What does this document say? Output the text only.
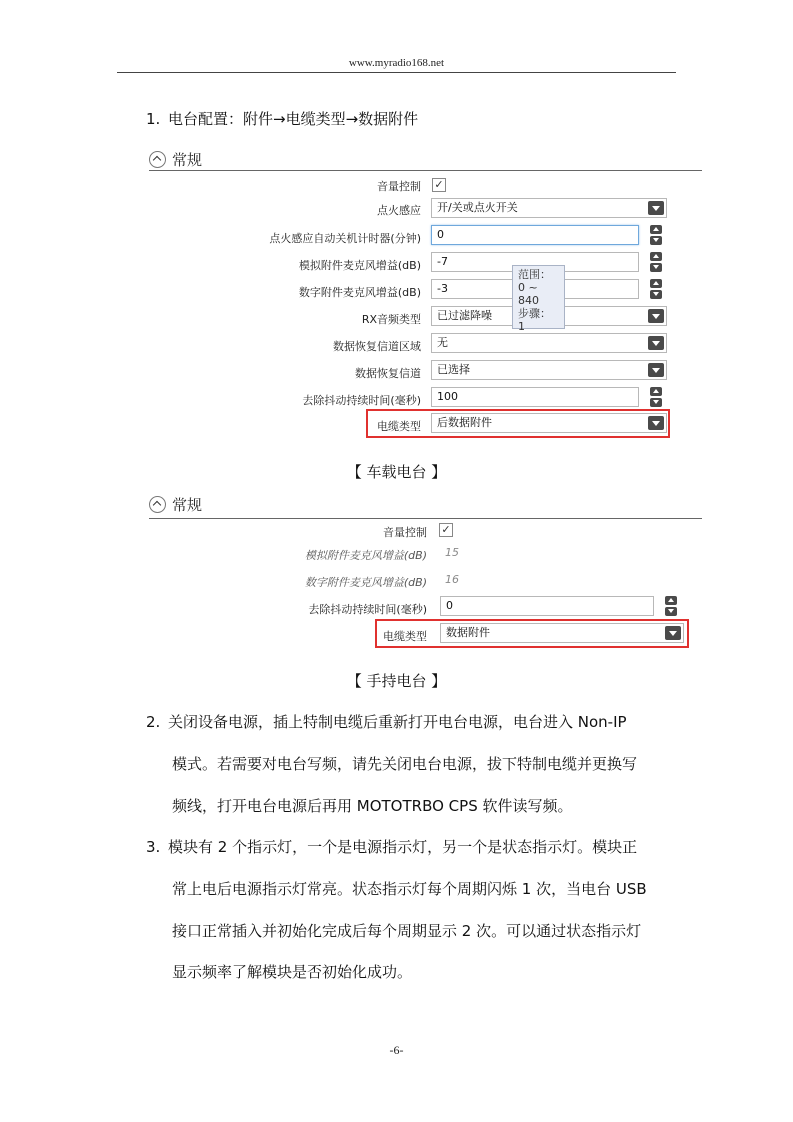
www.myradio168.net
1. 电台配置：附件→电缆类型→数据附件
常规
音量控制 ✓
点火感应	开/关或点火开关
点火感应自动关机计时器(分钟)	0
模拟附件麦克风增益(dB)	-7
数字附件麦克风增益(dB)	-3
RX音频类型	已过滤降噪
数据恢复信道区域	无
数据恢复信道	已选择
去除抖动持续时间(毫秒)	100
电缆类型	后数据附件
范围：
0 ~ 840
步骤：
1
【 车载电台 】
常规
音量控制 ✓
模拟附件麦克风增益(dB) 15
数字附件麦克风增益(dB) 16
去除抖动持续时间(毫秒)	0
电缆类型	数据附件
【 手持电台 】
2. 关闭设备电源，插上特制电缆后重新打开电台电源，电台进入 Non-IP
模式。若需要对电台写频，请先关闭电台电源，拔下特制电缆并更换写
频线，打开电台电源后再用 MOTOTRBO CPS 软件读写频。
3. 模块有 2 个指示灯，一个是电源指示灯，另一个是状态指示灯。模块正
常上电后电源指示灯常亮。状态指示灯每个周期闪烁 1 次，当电台 USB
接口正常插入并初始化完成后每个周期显示 2 次。可以通过状态指示灯
显示频率了解模块是否初始化成功。
-6-
